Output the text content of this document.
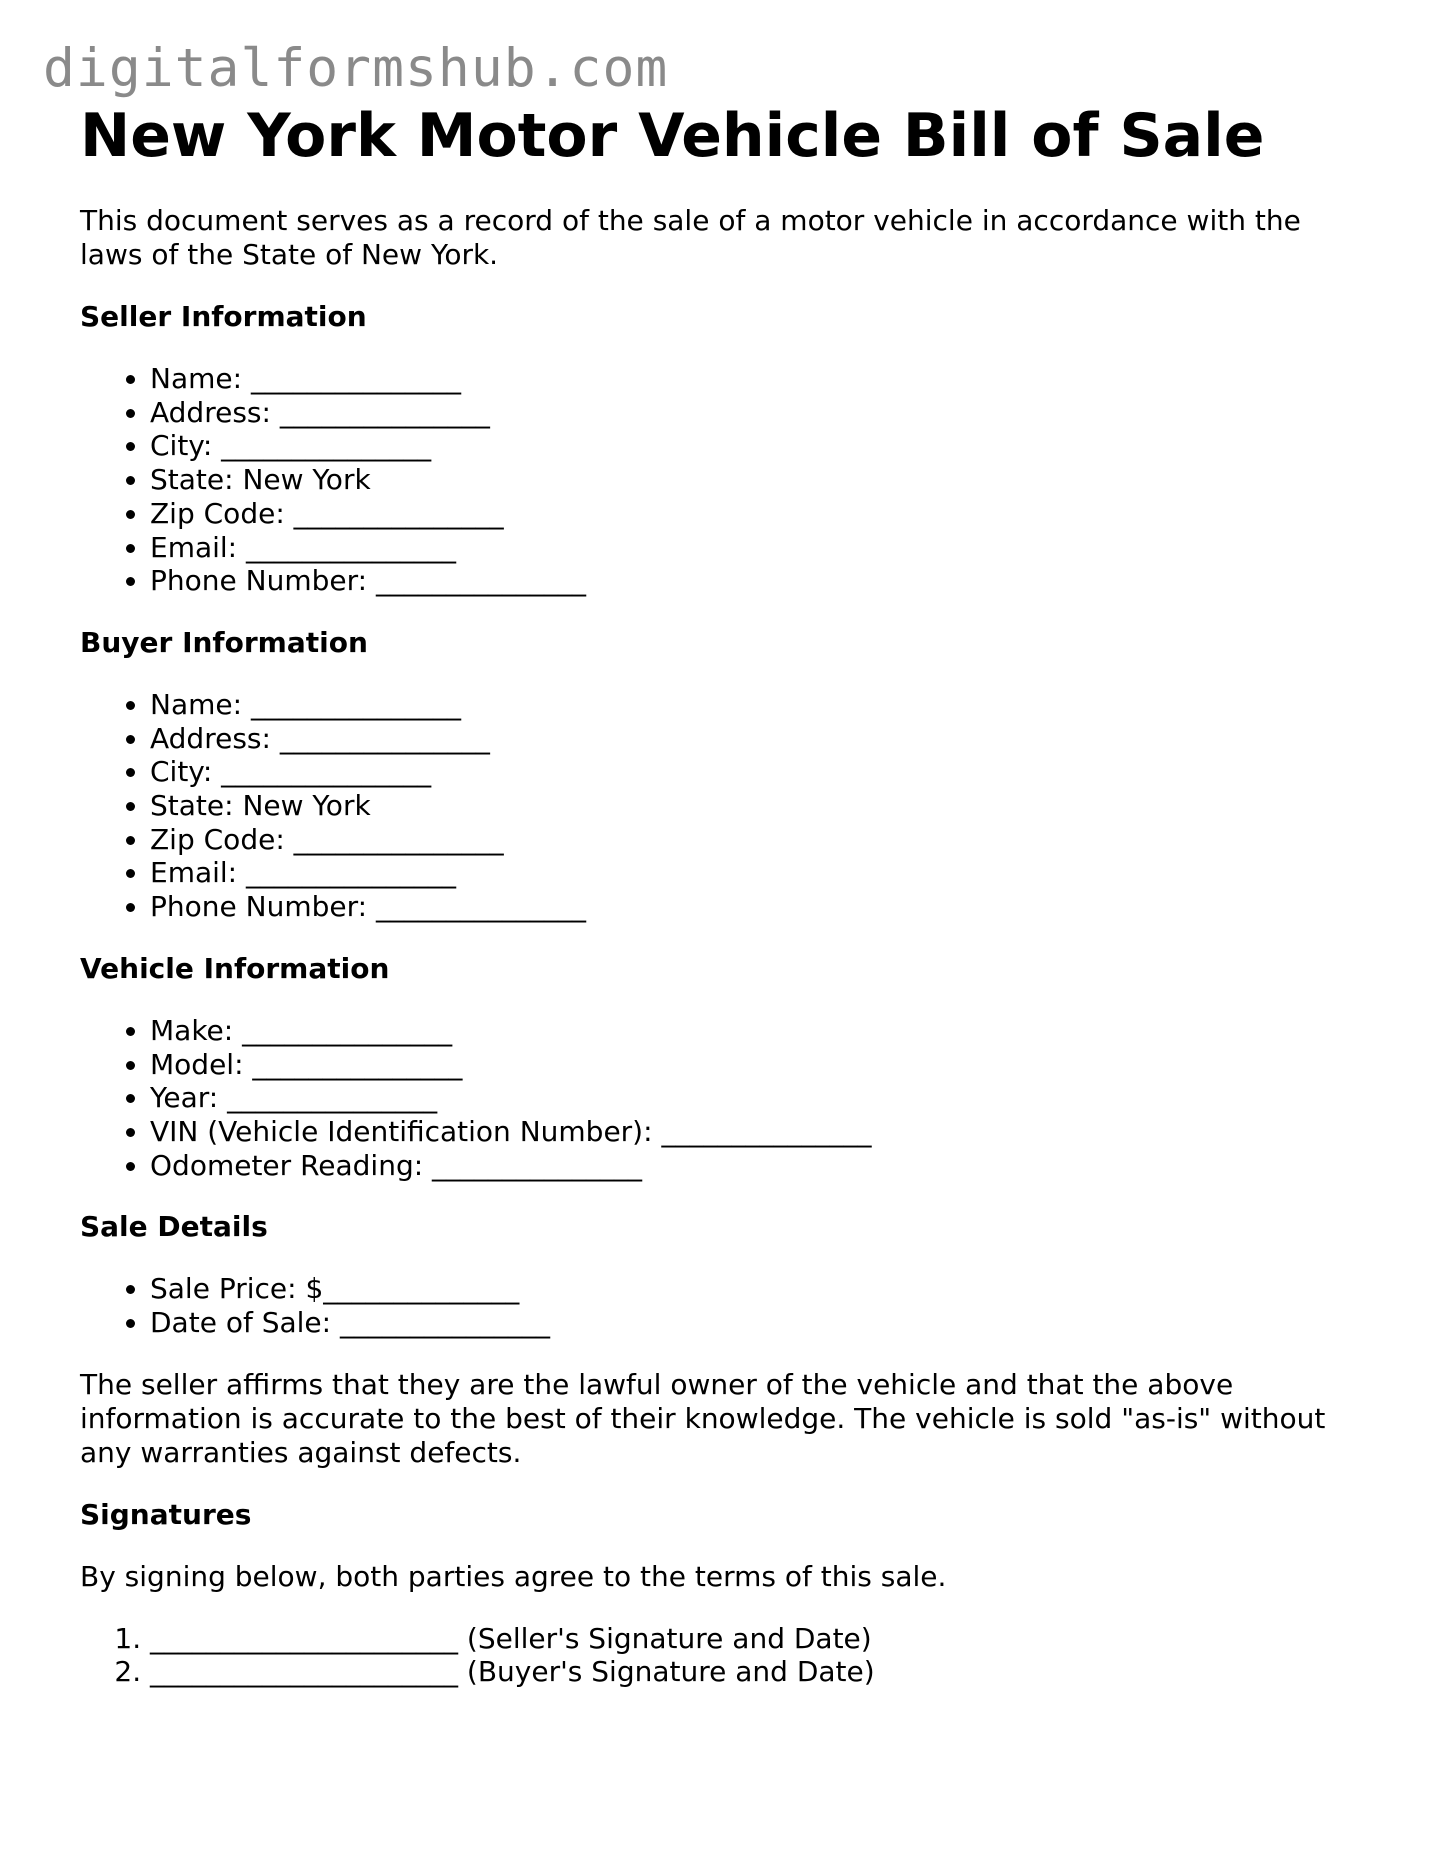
digitalformshub.com
New York Motor Vehicle Bill of Sale

This document serves as a record of the sale of a motor vehicle in accordance with the laws of the State of New York.

Seller Information
• Name: _______________
• Address: _______________
• City: _______________
• State: New York
• Zip Code: _______________
• Email: _______________
• Phone Number: _______________
Buyer Information
• Name: _______________
• Address: _______________
• City: _______________
• State: New York
• Zip Code: _______________
• Email: _______________
• Phone Number: _______________
Vehicle Information
• Make: _______________
• Model: _______________
• Year: _______________
• VIN (Vehicle Identification Number): _______________
• Odometer Reading: _______________
Sale Details
• Sale Price: $______________
• Date of Sale: _______________

The seller affirms that they are the lawful owner of the vehicle and that the above information is accurate to the best of their knowledge. The vehicle is sold "as-is" without any warranties against defects.

Signatures

By signing below, both parties agree to the terms of this sale.

1. ______________________ (Seller's Signature and Date)
2. ______________________ (Buyer's Signature and Date)
